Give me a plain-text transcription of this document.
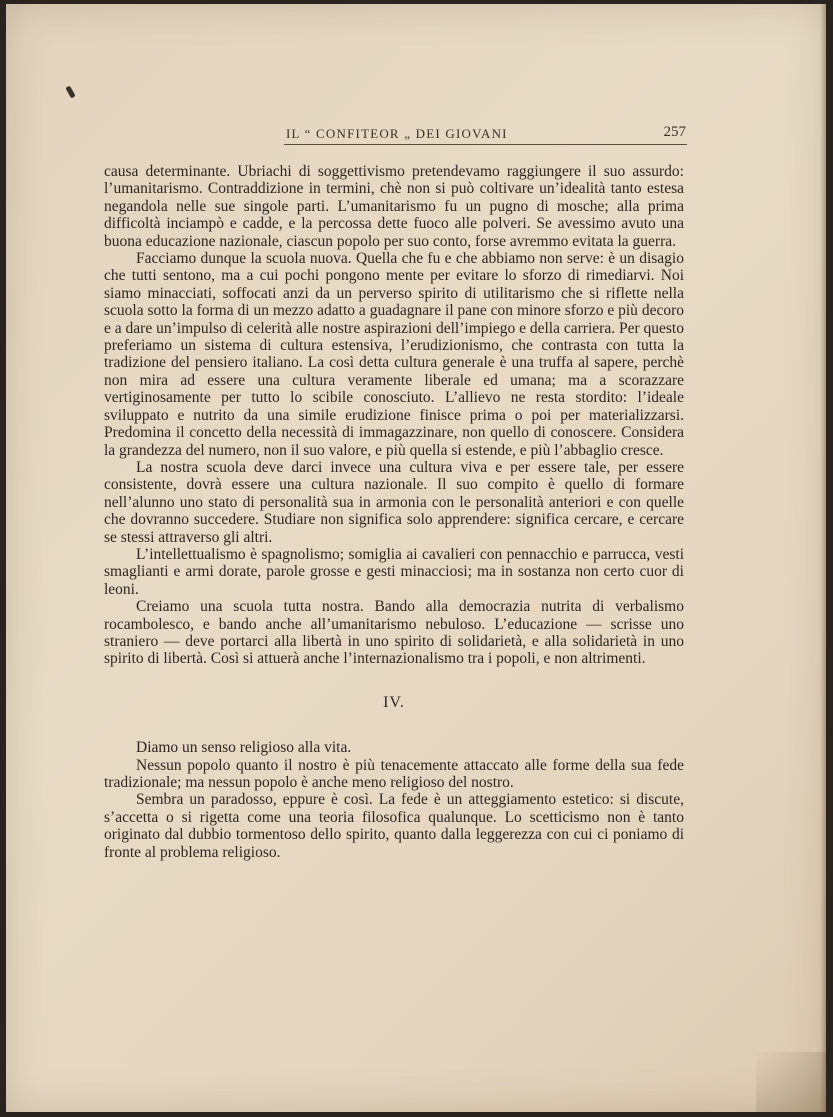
IL “ CONFITEOR „ DEI GIOVANI	257

causa determinante. Ubriachi di soggettivismo pretendevamo raggiungere il suo assurdo: l’umanitarismo. Contraddizione in termini, chè non si può coltivare un’idealità tanto estesa negandola nelle sue singole parti. L’umanitarismo fu un pugno di mosche; alla prima difficoltà inciampò e cadde, e la percossa dette fuoco alle polveri. Se avessimo avuto una buona educazione nazionale, ciascun popolo per suo conto, forse avremmo evitata la guerra.

Facciamo dunque la scuola nuova. Quella che fu e che abbiamo non serve: è un disagio che tutti sentono, ma a cui pochi pongono mente per evitare lo sforzo di rimediarvi. Noi siamo minacciati, soffocati anzi da un perverso spirito di utilitarismo che si riflette nella scuola sotto la forma di un mezzo adatto a guadagnare il pane con minore sforzo e più decoro e a dare un’impulso di celerità alle nostre aspirazioni dell’impiego e della carriera. Per questo preferiamo un sistema di cultura estensiva, l’erudizionismo, che contrasta con tutta la tradizione del pensiero italiano. La così detta cultura generale è una truffa al sapere, perchè non mira ad essere una cultura veramente liberale ed umana; ma a scorazzare vertiginosamente per tutto lo scibile conosciuto. L’allievo ne resta stordito: l’ideale sviluppato e nutrito da una simile erudizione finisce prima o poi per materializzarsi. Predomina il concetto della necessità di immagazzinare, non quello di conoscere. Considera la grandezza del numero, non il suo valore, e più quella si estende, e più l’abbaglio cresce.

La nostra scuola deve darci invece una cultura viva e per essere tale, per essere consistente, dovrà essere una cultura nazionale. Il suo compito è quello di formare nell’alunno uno stato di personalità sua in armonia con le personalità anteriori e con quelle che dovranno succedere. Studiare non significa solo apprendere: significa cercare, e cercare se stessi attraverso gli altri.

L’intellettualismo è spagnolismo; somiglia ai cavalieri con pennacchio e parrucca, vesti smaglianti e armi dorate, parole grosse e gesti minacciosi; ma in sostanza non certo cuor di leoni.

Creiamo una scuola tutta nostra. Bando alla democrazia nutrita di verbalismo rocambolesco, e bando anche all’umanitarismo nebuloso. L’educazione — scrisse uno straniero — deve portarci alla libertà in uno spirito di solidarietà, e alla solidarietà in uno spirito di libertà. Così si attuerà anche l’internazionalismo tra i popoli, e non altrimenti.

IV.

Diamo un senso religioso alla vita.

Nessun popolo quanto il nostro è più tenacemente attaccato alle forme della sua fede tradizionale; ma nessun popolo è anche meno religioso del nostro.

Sembra un paradosso, eppure è così. La fede è un atteggiamento estetico: si discute, s’accetta o si rigetta come una teoria filosofica qualunque. Lo scetticismo non è tanto originato dal dubbio tormentoso dello spirito, quanto dalla leggerezza con cui ci poniamo di fronte al problema religioso.
